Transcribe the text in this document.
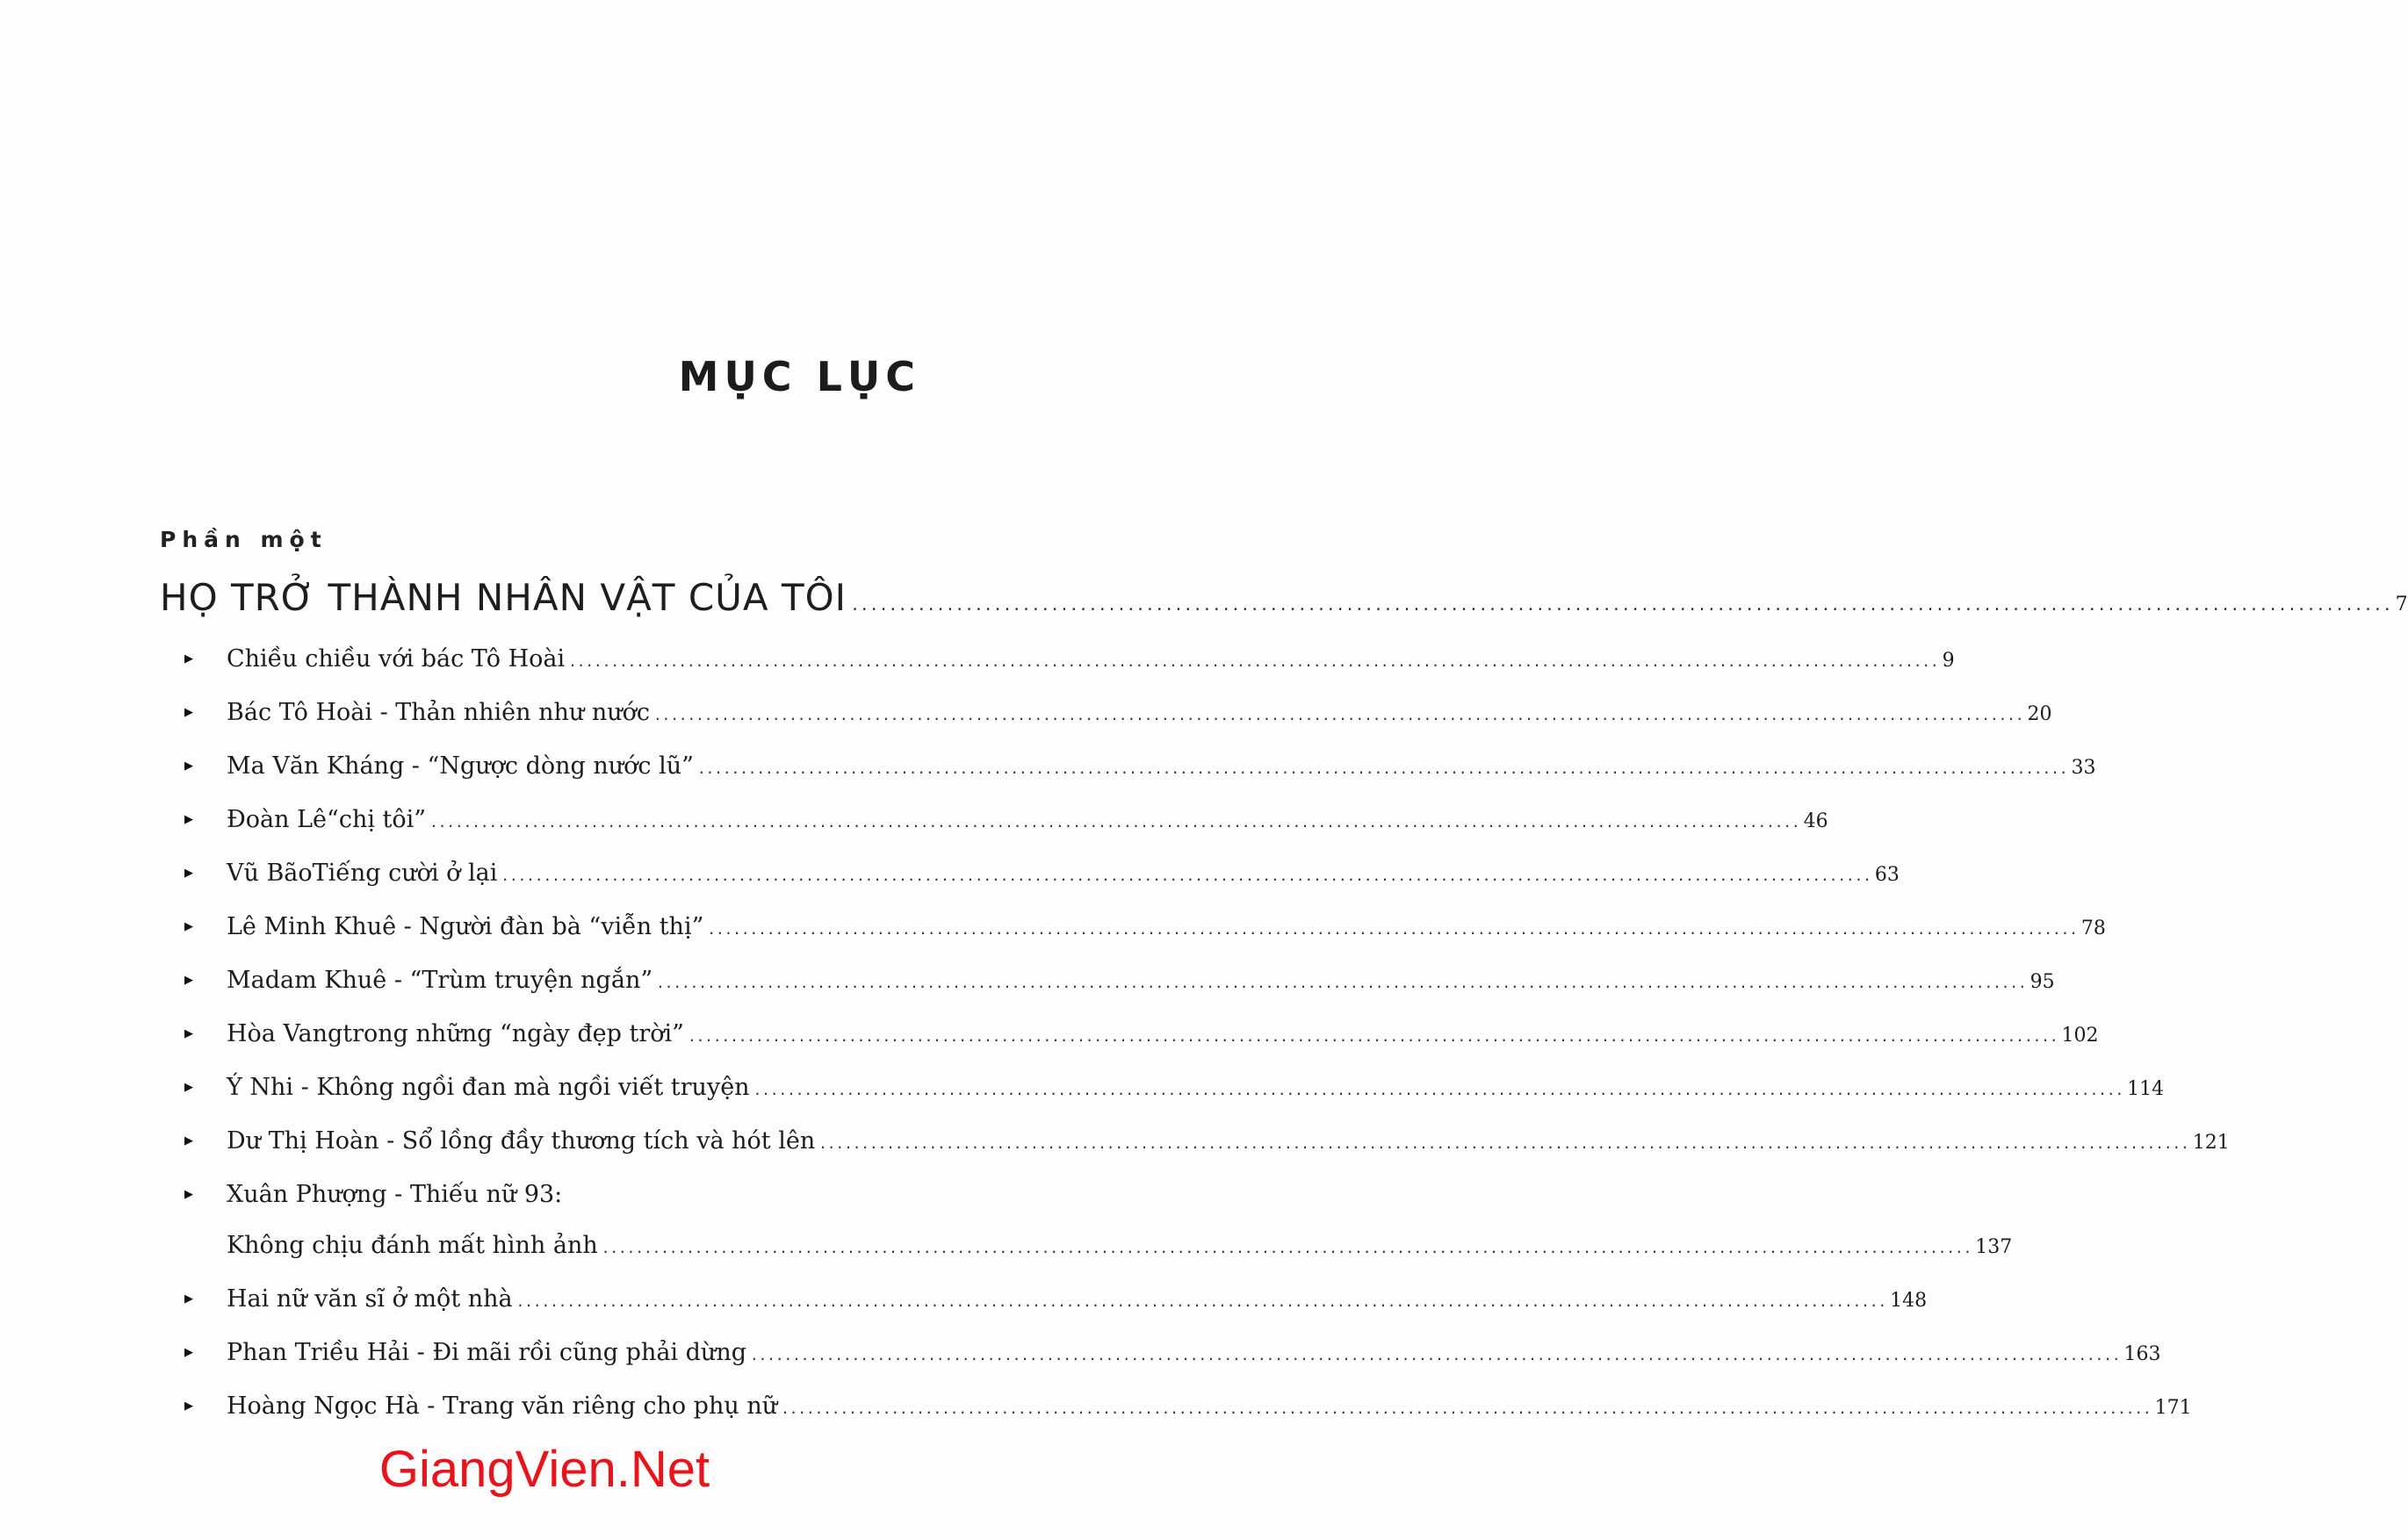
MỤC LỤC
Phần một
HỌ TRỞ THÀNH NHÂN VẬT CỦA TÔI .................................................................................................................................................................. 7
▶ Chiều chiều với bác Tô Hoài .................................................................................................................................................................. 9
▶ Bác Tô Hoài - Thản nhiên như nước .................................................................................................................................................................. 20
▶ Ma Văn Kháng - “Ngược dòng nước lũ” .................................................................................................................................................................. 33
▶ Đoàn Lê“chị tôi” .................................................................................................................................................................. 46
▶ Vũ BãoTiếng cười ở lại .................................................................................................................................................................. 63
▶ Lê Minh Khuê - Người đàn bà “viễn thị” .................................................................................................................................................................. 78
▶ Madam Khuê - “Trùm truyện ngắn” .................................................................................................................................................................. 95
▶ Hòa Vangtrong những “ngày đẹp trời” .................................................................................................................................................................. 102
▶ Ý Nhi - Không ngồi đan mà ngồi viết truyện .................................................................................................................................................................. 114
▶ Dư Thị Hoàn - Sổ lồng đầy thương tích và hót lên .................................................................................................................................................................. 121
▶ Xuân Phượng - Thiếu nữ 93:
Không chịu đánh mất hình ảnh .................................................................................................................................................................. 137
▶ Hai nữ văn sĩ ở một nhà .................................................................................................................................................................. 148
▶ Phan Triều Hải - Đi mãi rồi cũng phải dừng .................................................................................................................................................................. 163
▶ Hoàng Ngọc Hà - Trang văn riêng cho phụ nữ .................................................................................................................................................................. 171
GiangVien.Net
